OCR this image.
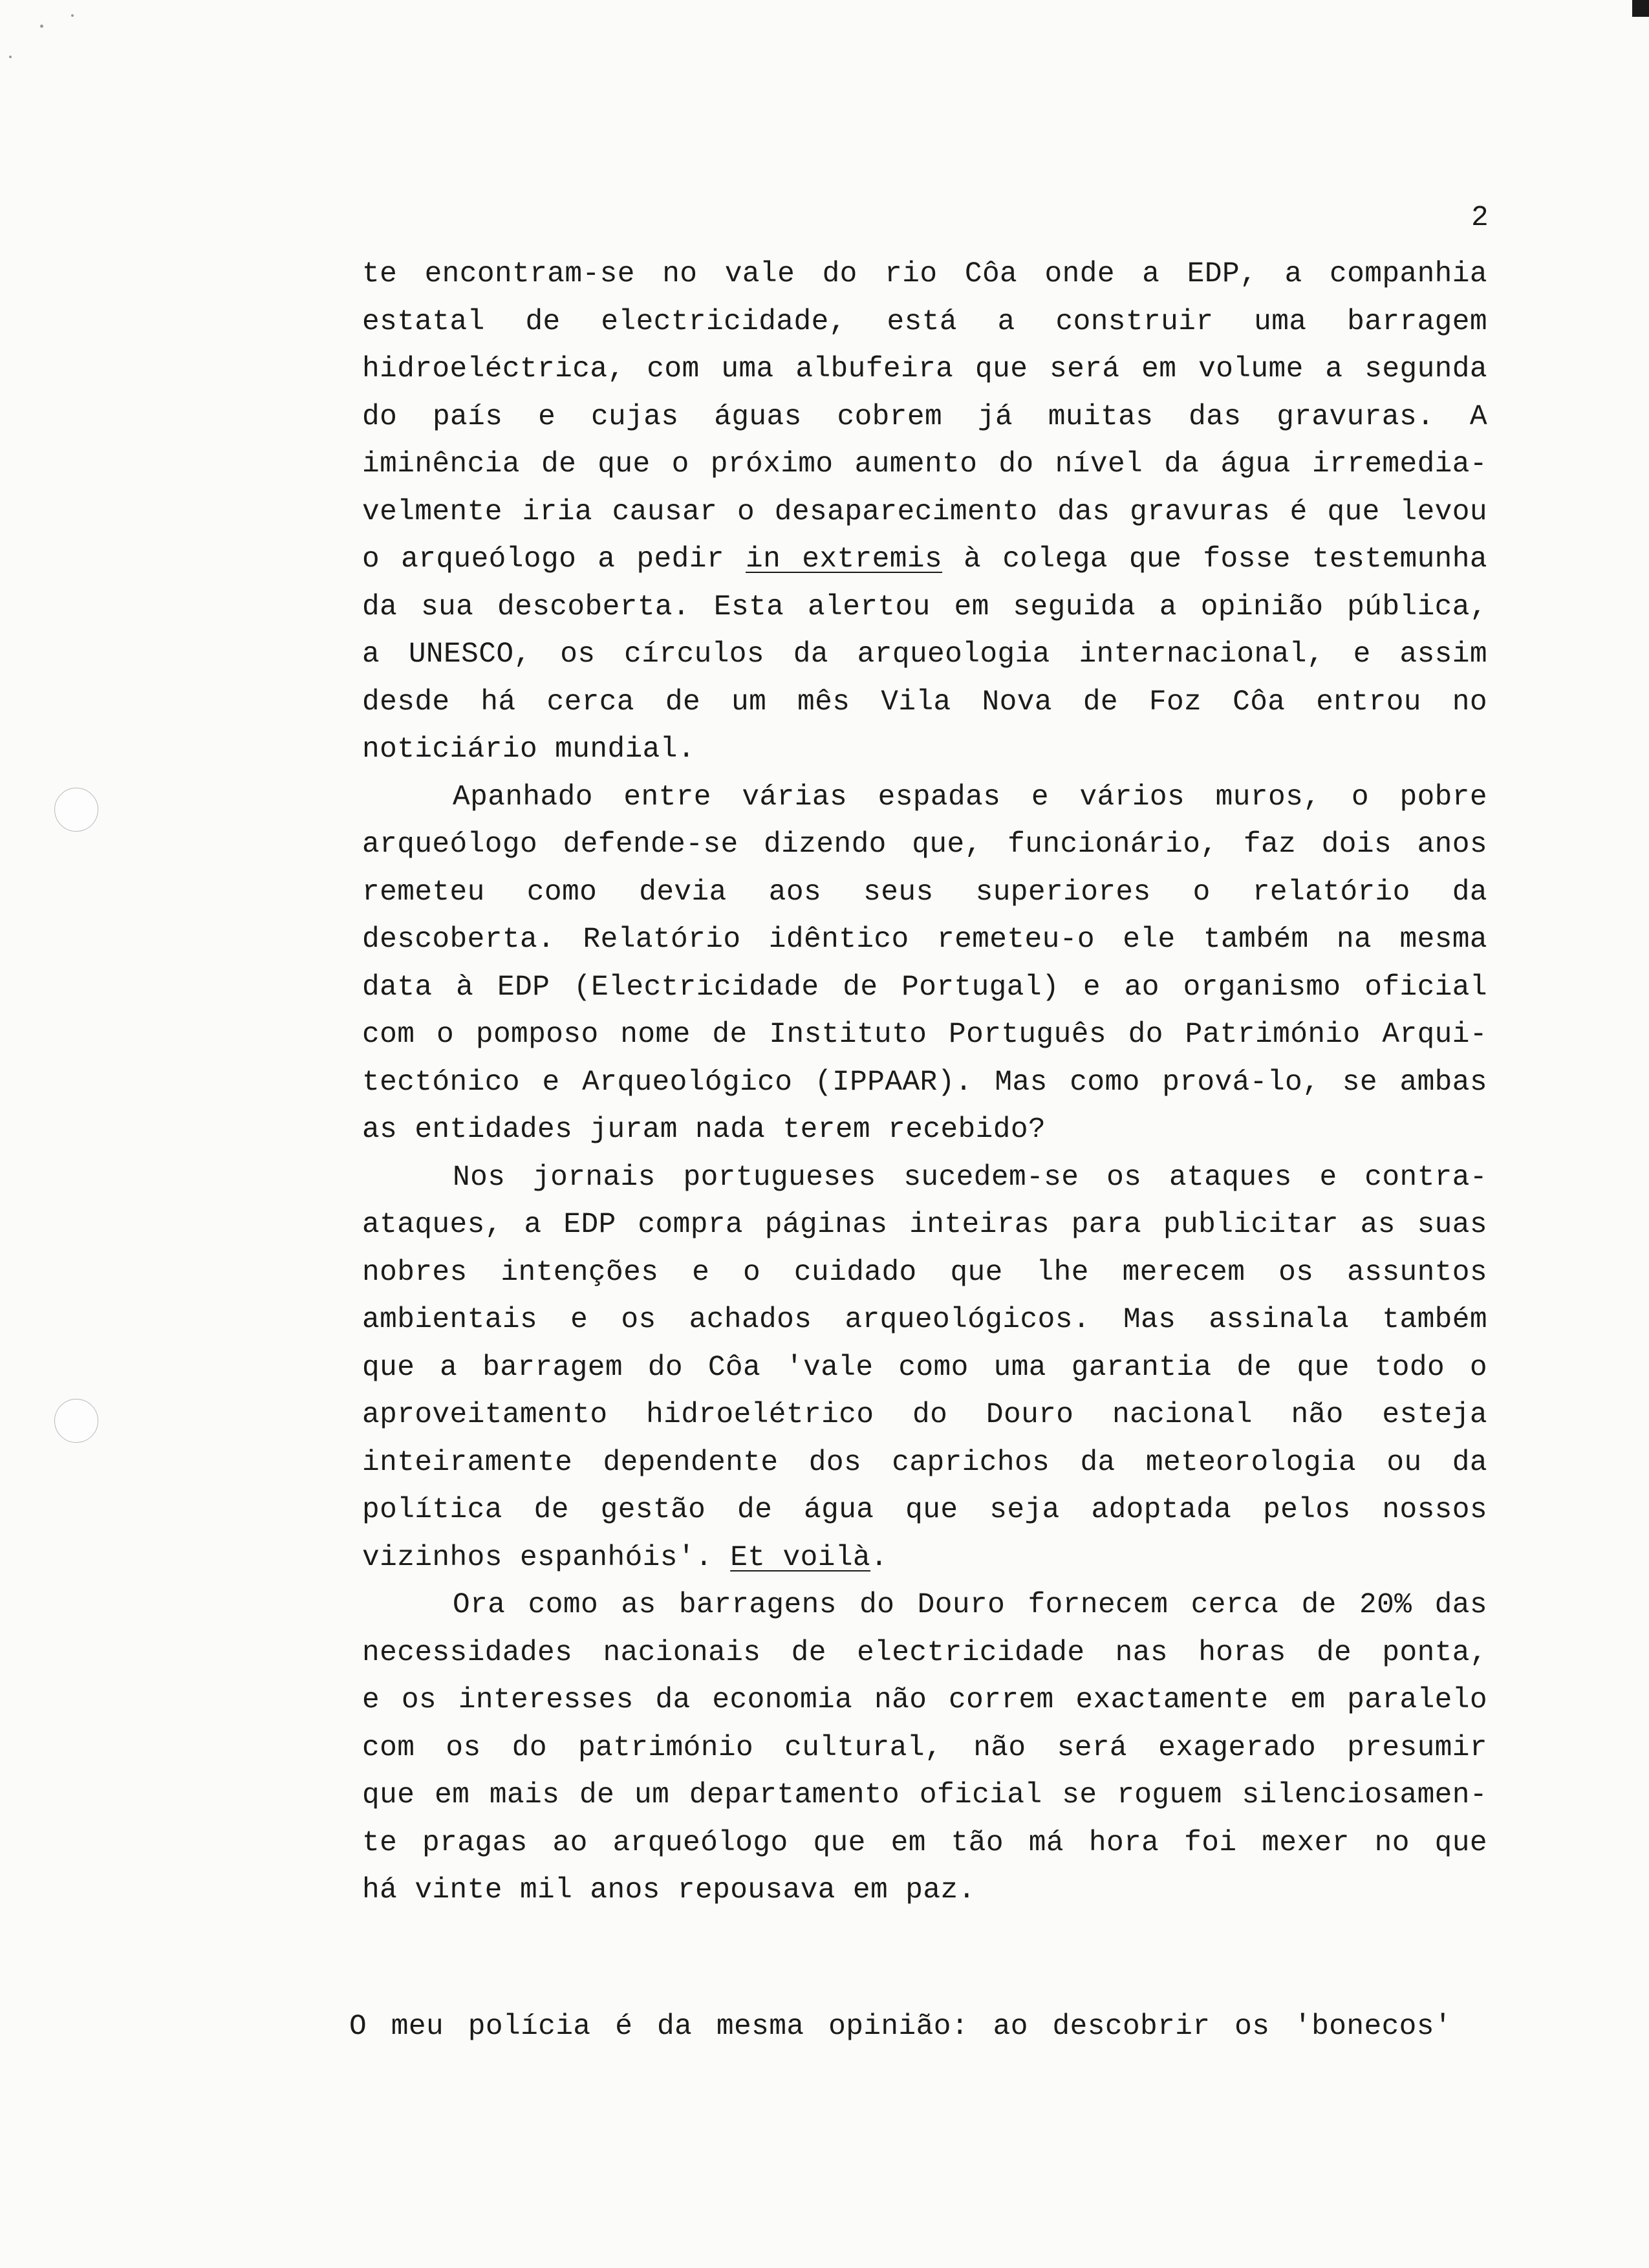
2
te encontram-se no vale do rio Côa onde a EDP, a companhia
estatal de electricidade, está a construir uma barragem
hidroeléctrica, com uma albufeira que será em volume a segunda
do país e cujas águas cobrem já muitas das gravuras. A
iminência de que o próximo aumento do nível da água irremedia-
velmente iria causar o desaparecimento das gravuras é que levou
o arqueólogo a pedir in extremis à colega que fosse testemunha
da sua descoberta. Esta alertou em seguida a opinião pública,
a UNESCO, os círculos da arqueologia internacional, e assim
desde há cerca de um mês Vila Nova de Foz Côa entrou no
noticiário mundial.
Apanhado entre várias espadas e vários muros, o pobre
arqueólogo defende-se dizendo que, funcionário, faz dois anos
remeteu como devia aos seus superiores o relatório da
descoberta. Relatório idêntico remeteu-o ele também na mesma
data à EDP (Electricidade de Portugal) e ao organismo oficial
com o pomposo nome de Instituto Português do Património Arqui-
tectónico e Arqueológico (IPPAAR). Mas como prová-lo, se ambas
as entidades juram nada terem recebido?
Nos jornais portugueses sucedem-se os ataques e contra-
ataques, a EDP compra páginas inteiras para publicitar as suas
nobres intenções e o cuidado que lhe merecem os assuntos
ambientais e os achados arqueológicos. Mas assinala também
que a barragem do Côa 'vale como uma garantia de que todo o
aproveitamento hidroelétrico do Douro nacional não esteja
inteiramente dependente dos caprichos da meteorologia ou da
política de gestão de água que seja adoptada pelos nossos
vizinhos espanhóis'. Et voilà.
Ora como as barragens do Douro fornecem cerca de 20% das
necessidades nacionais de electricidade nas horas de ponta,
e os interesses da economia não correm exactamente em paralelo
com os do património cultural, não será exagerado presumir
que em mais de um departamento oficial se roguem silenciosamen-
te pragas ao arqueólogo que em tão má hora foi mexer no que
há vinte mil anos repousava em paz.
O meu polícia é da mesma opinião: ao descobrir os 'bonecos'
